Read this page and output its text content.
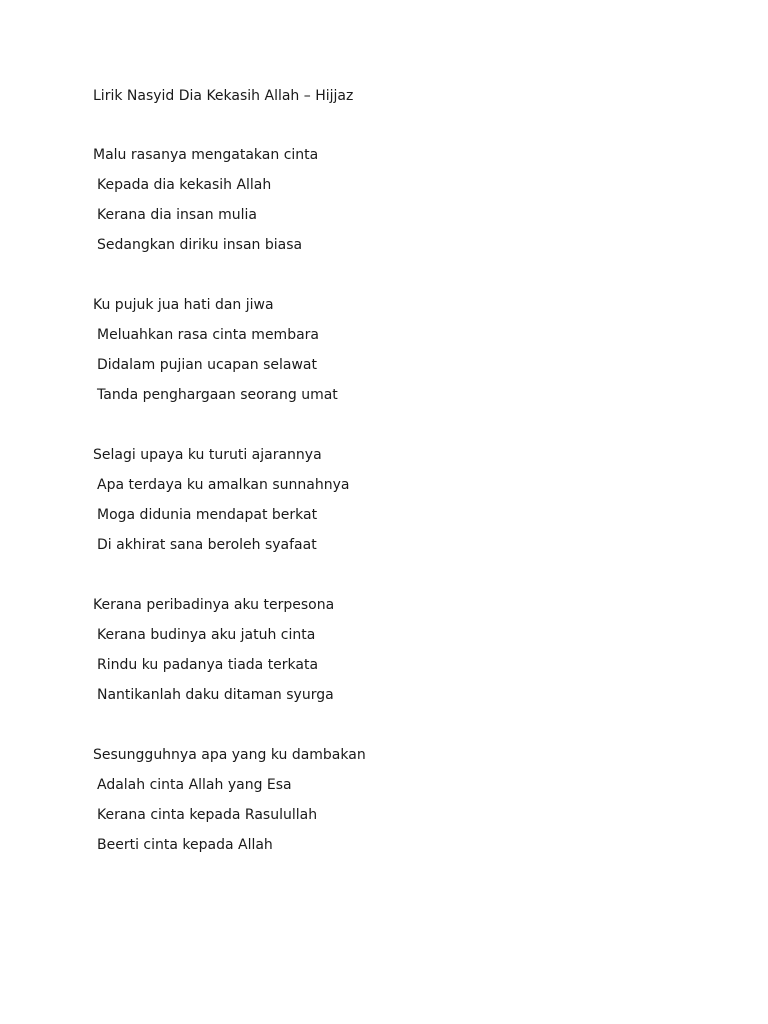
Lirik Nasyid Dia Kekasih Allah – Hijjaz
Malu rasanya mengatakan cinta
Kepada dia kekasih Allah
Kerana dia insan mulia
Sedangkan diriku insan biasa
Ku pujuk jua hati dan jiwa
Meluahkan rasa cinta membara
Didalam pujian ucapan selawat
Tanda penghargaan seorang umat
Selagi upaya ku turuti ajarannya
Apa terdaya ku amalkan sunnahnya
Moga didunia mendapat berkat
Di akhirat sana beroleh syafaat
Kerana peribadinya aku terpesona
Kerana budinya aku jatuh cinta
Rindu ku padanya tiada terkata
Nantikanlah daku ditaman syurga
Sesungguhnya apa yang ku dambakan
Adalah cinta Allah yang Esa
Kerana cinta kepada Rasulullah
Beerti cinta kepada Allah
